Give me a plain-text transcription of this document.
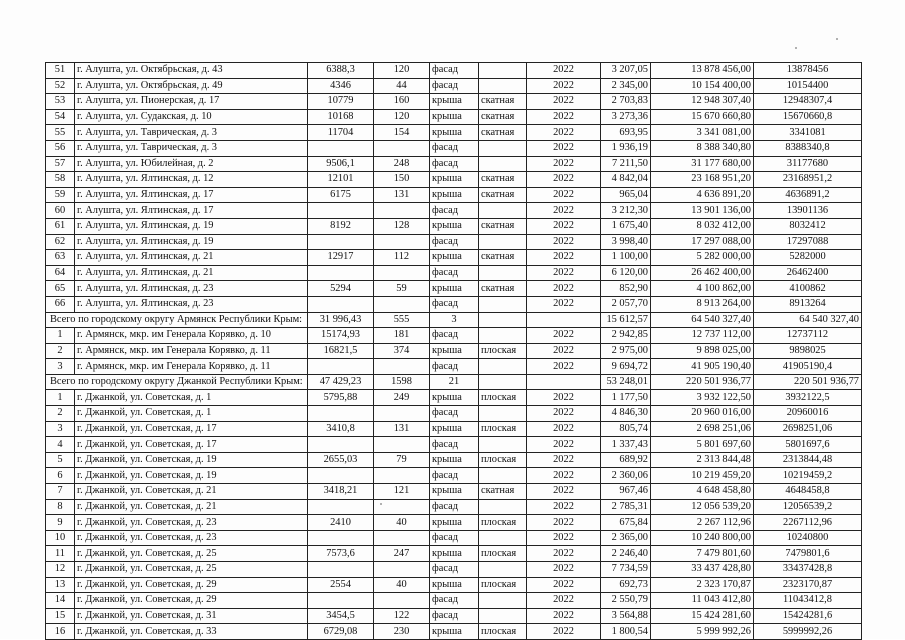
51	г. Алушта, ул. Октябрьская, д. 43	6388,3	120	фасад		2022	3 207,05	13 878 456,00	13878456
52	г. Алушта, ул. Октябрьская, д. 49	4346	44	фасад		2022	2 345,00	10 154 400,00	10154400
53	г. Алушта, ул. Пионерская, д. 17	10779	160	крыша	скатная	2022	2 703,83	12 948 307,40	12948307,4
54	г. Алушта, ул. Судакская, д. 10	10168	120	крыша	скатная	2022	3 273,36	15 670 660,80	15670660,8
55	г. Алушта, ул. Таврическая, д. 3	11704	154	крыша	скатная	2022	693,95	3 341 081,00	3341081
56	г. Алушта, ул. Таврическая, д. 3			фасад		2022	1 936,19	8 388 340,80	8388340,8
57	г. Алушта, ул. Юбилейная, д. 2	9506,1	248	фасад		2022	7 211,50	31 177 680,00	31177680
58	г. Алушта, ул. Ялтинская, д. 12	12101	150	крыша	скатная	2022	4 842,04	23 168 951,20	23168951,2
59	г. Алушта, ул. Ялтинская, д. 17	6175	131	крыша	скатная	2022	965,04	4 636 891,20	4636891,2
60	г. Алушта, ул. Ялтинская, д. 17			фасад		2022	3 212,30	13 901 136,00	13901136
61	г. Алушта, ул. Ялтинская, д. 19	8192	128	крыша	скатная	2022	1 675,40	8 032 412,00	8032412
62	г. Алушта, ул. Ялтинская, д. 19			фасад		2022	3 998,40	17 297 088,00	17297088
63	г. Алушта, ул. Ялтинская, д. 21	12917	112	крыша	скатная	2022	1 100,00	5 282 000,00	5282000
64	г. Алушта, ул. Ялтинская, д. 21			фасад		2022	6 120,00	26 462 400,00	26462400
65	г. Алушта, ул. Ялтинская, д. 23	5294	59	крыша	скатная	2022	852,90	4 100 862,00	4100862
66	г. Алушта, ул. Ялтинская, д. 23			фасад		2022	2 057,70	8 913 264,00	8913264
Всего по городскому округу Армянск Республики Крым:		31 996,43	555	3			15 612,57	64 540 327,40	64 540 327,40
1	г. Армянск, мкр. им Генерала Корявко, д. 10	15174,93	181	фасад		2022	2 942,85	12 737 112,00	12737112
2	г. Армянск, мкр. им Генерала Корявко, д. 11	16821,5	374	крыша	плоская	2022	2 975,00	9 898 025,00	9898025
3	г. Армянск, мкр. им Генерала Корявко, д. 11			фасад		2022	9 694,72	41 905 190,40	41905190,4
Всего по городскому округу Джанкой Республики Крым:		47 429,23	1598	21			53 248,01	220 501 936,77	220 501 936,77
1	г. Джанкой, ул. Советская, д. 1	5795,88	249	крыша	плоская	2022	1 177,50	3 932 122,50	3932122,5
2	г. Джанкой, ул. Советская, д. 1			фасад		2022	4 846,30	20 960 016,00	20960016
3	г. Джанкой, ул. Советская, д. 17	3410,8	131	крыша	плоская	2022	805,74	2 698 251,06	2698251,06
4	г. Джанкой, ул. Советская, д. 17			фасад		2022	1 337,43	5 801 697,60	5801697,6
5	г. Джанкой, ул. Советская, д. 19	2655,03	79	крыша	плоская	2022	689,92	2 313 844,48	2313844,48
6	г. Джанкой, ул. Советская, д. 19			фасад		2022	2 360,06	10 219 459,20	10219459,2
7	г. Джанкой, ул. Советская, д. 21	3418,21	121	крыша	скатная	2022	967,46	4 648 458,80	4648458,8
8	г. Джанкой, ул. Советская, д. 21			фасад		2022	2 785,31	12 056 539,20	12056539,2
9	г. Джанкой, ул. Советская, д. 23	2410	40	крыша	плоская	2022	675,84	2 267 112,96	2267112,96
10	г. Джанкой, ул. Советская, д. 23			фасад		2022	2 365,00	10 240 800,00	10240800
11	г. Джанкой, ул. Советская, д. 25	7573,6	247	крыша	плоская	2022	2 246,40	7 479 801,60	7479801,6
12	г. Джанкой, ул. Советская, д. 25			фасад		2022	7 734,59	33 437 428,80	33437428,8
13	г. Джанкой, ул. Советская, д. 29	2554	40	крыша	плоская	2022	692,73	2 323 170,87	2323170,87
14	г. Джанкой, ул. Советская, д. 29			фасад		2022	2 550,79	11 043 412,80	11043412,8
15	г. Джанкой, ул. Советская, д. 31	3454,5	122	фасад		2022	3 564,88	15 424 281,60	15424281,6
16	г. Джанкой, ул. Советская, д. 33	6729,08	230	крыша	плоская	2022	1 800,54	5 999 992,26	5999992,26
